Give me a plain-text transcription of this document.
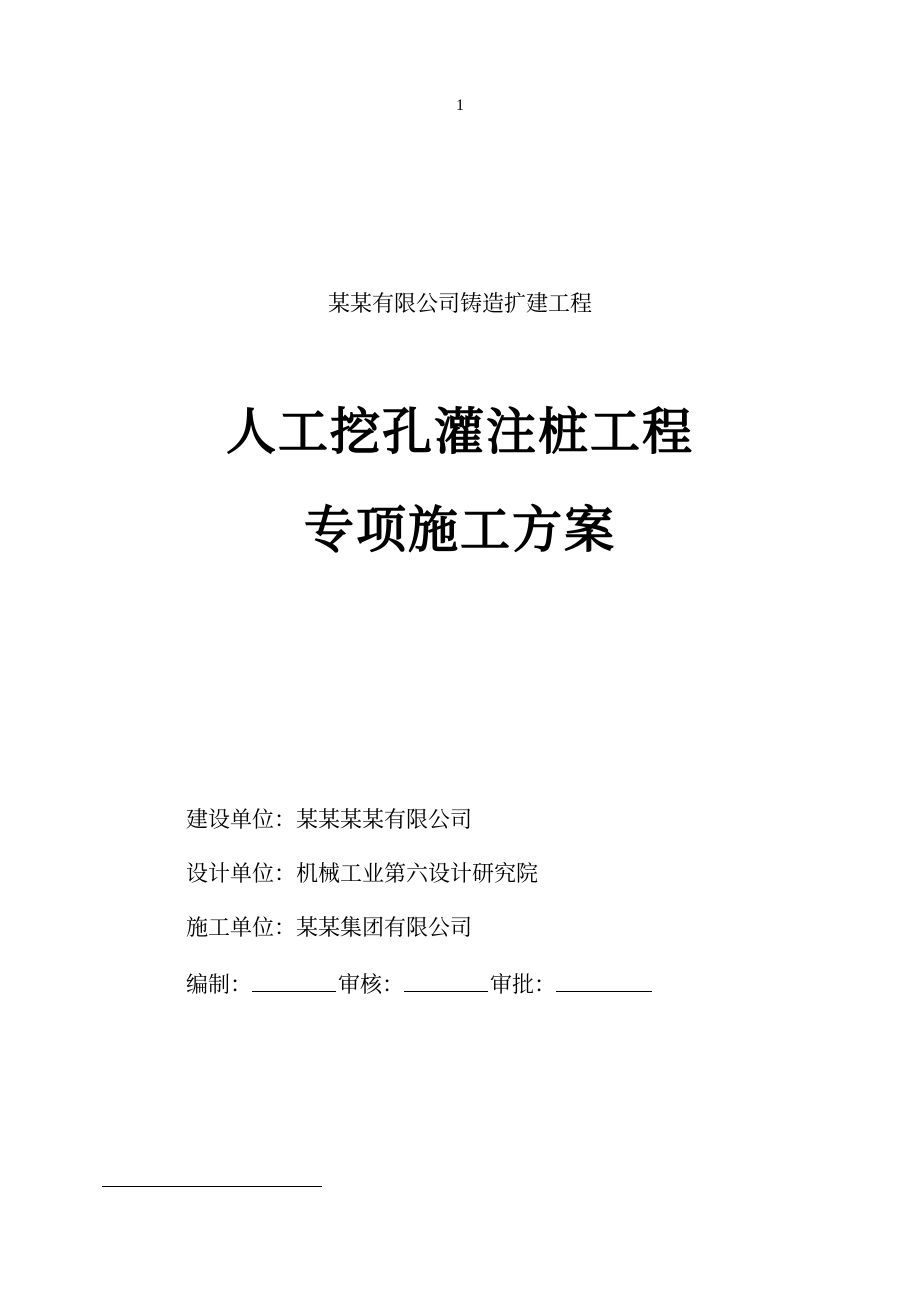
1
某某有限公司铸造扩建工程
人工挖孔灌注桩工程
专项施工方案
建设单位：某某某某有限公司
设计单位：机械工业第六设计研究院
施工单位：某某集团有限公司
编制：	审核：	审批：
